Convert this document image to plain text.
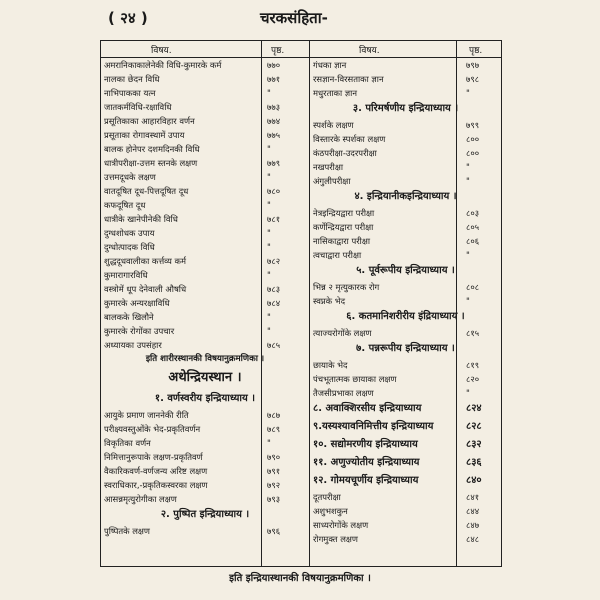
( २४ )	चरकसंहिता-
विषय.	पृष्ठ.	विषय.	पृष्ठ.
अमरानिकाकालेनेकी विधि-कुमारके कर्म	७७०
नालका छेदन विधि	७७१
नाभिपाकका यत्न	"
जातकर्मविधि-रक्षाविधि	७७३
प्रसूतिकाका आहारविहार वर्णन	७७४
प्रसूताका रोगावस्थामें उपाय	७७५
बालक होनेपर दशमदिनकी विधि	"
धात्रीपरीक्षा-उत्तम स्तनके लक्षण	७७९
उत्तमदूधके लक्षण	"
वातदूषित दूध-पित्तदूषित दूध	७८०
कफदूषित दूध	"
धात्रीके खानेपीनेकी विधि	७८१
दुग्धशोधक उपाय	"
दुग्धोत्पादक विधि	"
शुद्धदूधवालीका कर्त्तव्य कर्म	७८२
कुमारागारविधि	"
वस्त्रोमें धूप देनेवाली औषधि	७८३
कुमारके अन्यरक्षाविधि	७८४
बालकके खिलौने	"
कुमारके रोगोंका उपचार	"
अध्यायका उपसंहार	७८५
इति शारीरस्थानकी विषयानुक्रमणिका ।
अथेन्द्रियस्थान ।
१. वर्णस्वरीय इन्द्रियाध्याय ।
आयुके प्रमाण जाननेकी रीति	७८७
परीक्ष्यवस्तुओंके भेद-प्रकृतिवर्णन	७८९
विकृतिका वर्णन	"
निमित्तानुरूपाके लक्षण-प्रकृतिवर्ण	७९०
वैकारिकवर्ण-वर्णजन्य अरिष्ट लक्षण	७९१
स्वराधिकार,-प्रकृतिकस्वरका लक्षण	७९२
आसन्नमृत्युरोगीका लक्षण	७९३
२. पुष्पित इन्द्रियाध्याय ।
पुष्पितके लक्षण	७९६
गंधका ज्ञान	७९७
रसज्ञान-विरसताका ज्ञान	७९८
मधुरताका ज्ञान	"
३. परिमर्षणीय इन्द्रियाध्याय ।
स्पर्शके लक्षण	७९९
विस्तारके स्पर्शका लक्षण	८००
कंठपरीक्षा-उदरपरीक्षा	८००
नखपरीक्षा	"
अंगुलीपरीक्षा	"
४. इन्द्रियानीकइन्द्रियाध्याय ।
नेत्रइन्द्रियद्वारा परीक्षा	८०३
कर्णेन्द्रियद्वारा परीक्षा	८०५
नासिकाद्वारा परीक्षा	८०६
त्वचाद्वारा परीक्षा	"
५. पूर्वरूपीय इन्द्रियाध्याय ।
भिन्न २ मृत्युकारक रोग	८०८
स्वप्नके भेद	"
६. कतमानिशरीरीय इंद्रियाध्याय ।
त्याज्यरोगोंके लक्षण	८१५
७. पन्नरूपीय इन्द्रियाध्याय ।
छायाके भेद	८१९
पंचभूतात्मक छायाका लक्षण	८२०
तैजसीप्रभाका लक्षण	"
८. अवाक्शिरसीय इन्द्रियाध्याय	८२४
९.यस्यश्यावनिमित्तीय इन्द्रियाध्याय	८२८
१०. सद्योमरणीय इन्द्रियाध्याय	८३२
११. अणुज्योतीय इन्द्रियाध्याय	८३६
१२. गोमयचूर्णीय इन्द्रियाध्याय	८४०
दूतपरीक्षा	८४१
अशुभशकुन	८४४
साध्यरोगोंके लक्षण	८४७
रोगमुक्त लक्षण	८४८
इति इन्द्रियास्थानकी विषयानुक्रमणिका ।
